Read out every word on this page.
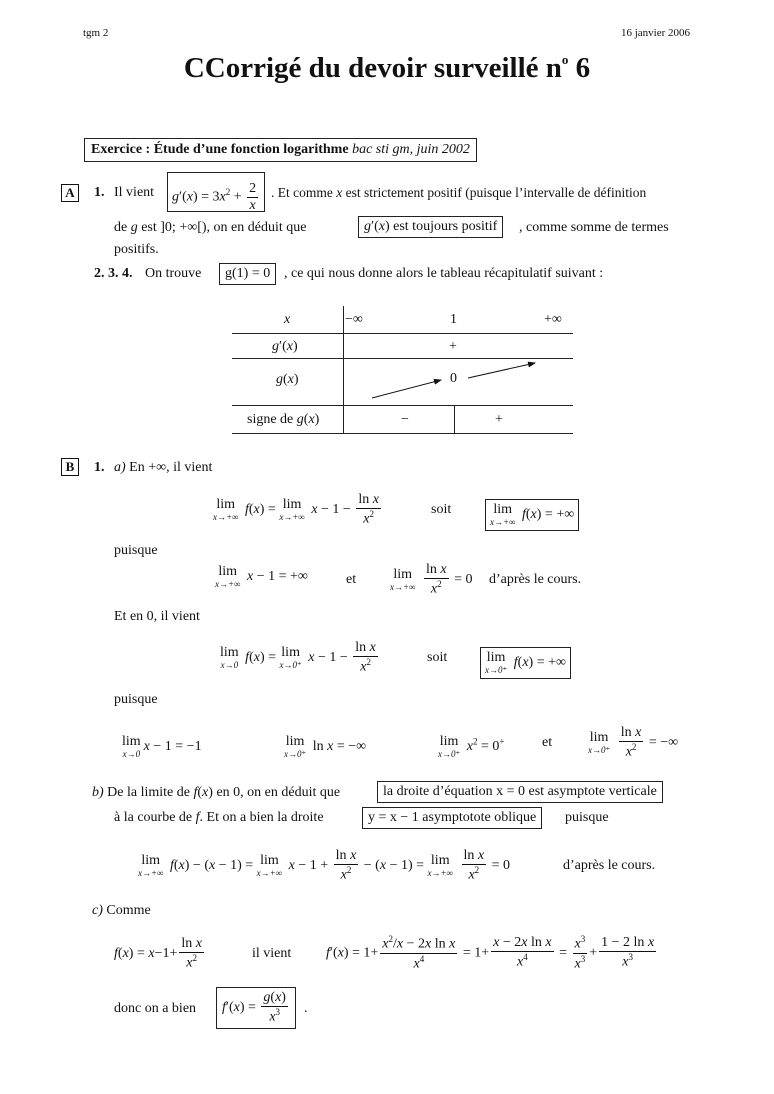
tgm 2	16 janvier 2006
CCorrigé du devoir surveillé $n^o$ 6
Exercice : Étude d’une fonction logarithme bac sti gm, juin 2002
A	1. Il vient	$g'(x) = 3x^2 + \frac{2}{x}$ . Et comme x est strictement positif (puisque l’intervalle de définition
de g est ]0; +∞[), on en déduit que	g′(x) est toujours positif	, comme somme de termes
positifs.
2. 3. 4. On trouve	g(1) = 0 , ce qui nous donne alors le tableau récapitulatif suivant :
x	−∞	1	+∞
g′(x)	+
g(x)	0
signe de g(x)	−	+
B	1. a) En +∞, il vient
lim
x→+∞ f(x) = lim
x→+∞ $x - 1 - \frac{\text{ln x}}{x^2}$	soit	lim
x→+∞ f(x) = +∞
puisque
lim
x→+∞ x − 1 = +∞	et	lim
x→+∞
$\frac{\text{ln x}}{x^2} = 0$ d’après le cours.
Et en 0, il vient
lim
x→0 f(x) = lim
x→0⁺ $x - 1 - \frac{\text{ln x}}{x^2}$	soit	lim
x→0⁺ f(x) = +∞
puisque
lim
x→0 x − 1 = −1	lim
x→0⁺ ln x = −∞	lim
x→0⁺ $x^2 = 0^+$	et	lim
x→0⁺
$\frac{\text{ln x}}{x^2}$ = −∞
b) De la limite de f(x) en 0, on en déduit que	la droite d’équation x = 0 est asymptote verticale
à la courbe de f. Et on a bien la droite	y = x − 1 asymptotote oblique	puisque
lim
x→+∞ f(x) − (x − 1) = lim
x→+∞ $x - 1 + \frac{\text{ln x}}{x^2} - (x - 1) = \lim$
x→+∞
$\frac{\text{ln x}}{x^2} = 0$	d’après le cours.
c) Comme
$f(x) = x-1+ \frac{\text{ln x}}{x^2}$	il vient $f'(x) = 1+ \frac{x^2/x - 2x \ln x}{x^4} = 1+ \frac{\text{x − 2x ln x}}{x^4} = \frac{x^3}{x^3} + \frac{\text{1 − 2 ln x}}{x^3}$
donc on a bien	$f'(x) = \frac{g(x)}{x^3}$ .
